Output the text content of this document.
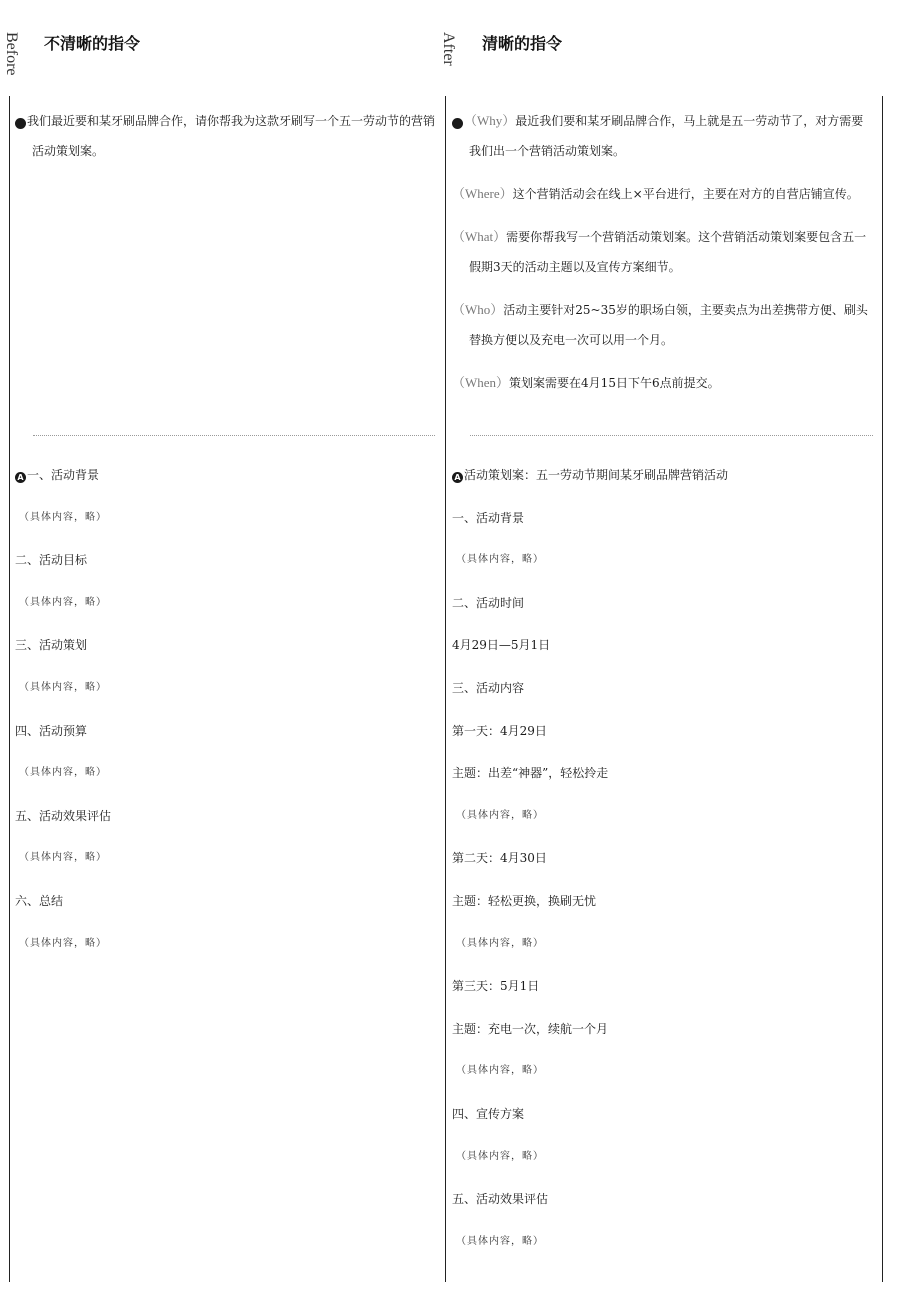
Before	After
不清晰的指令	清晰的指令
? 我们最近要和某牙刷品牌合作，请你帮我为这款牙刷写一个五一劳动节的营销活动策划案。
A 一、活动背景
（具体内容，略）
二、活动目标
（具体内容，略）
三、活动策划
（具体内容，略）
四、活动预算
（具体内容，略）
五、活动效果评估
（具体内容，略）
六、总结
（具体内容，略）
? （Why）最近我们要和某牙刷品牌合作，马上就是五一劳动节了，对方需要我们出一个营销活动策划案。
（Where）这个营销活动会在线上×平台进行，主要在对方的自营店铺宣传。
（What）需要你帮我写一个营销活动策划案。这个营销活动策划案要包含五一假期3天的活动主题以及宣传方案细节。
（Who）活动主要针对25~35岁的职场白领，主要卖点为出差携带方便、刷头替换方便以及充电一次可以用一个月。
（When）策划案需要在4月15日下午6点前提交。
A 活动策划案：五一劳动节期间某牙刷品牌营销活动
一、活动背景
（具体内容，略）
二、活动时间
4月29日—5月1日
三、活动内容
第一天：4月29日
主题：出差“神器”，轻松拎走
（具体内容，略）
第二天：4月30日
主题：轻松更换，换刷无忧
（具体内容，略）
第三天：5月1日
主题：充电一次，续航一个月
（具体内容，略）
四、宣传方案
（具体内容，略）
五、活动效果评估
（具体内容，略）
